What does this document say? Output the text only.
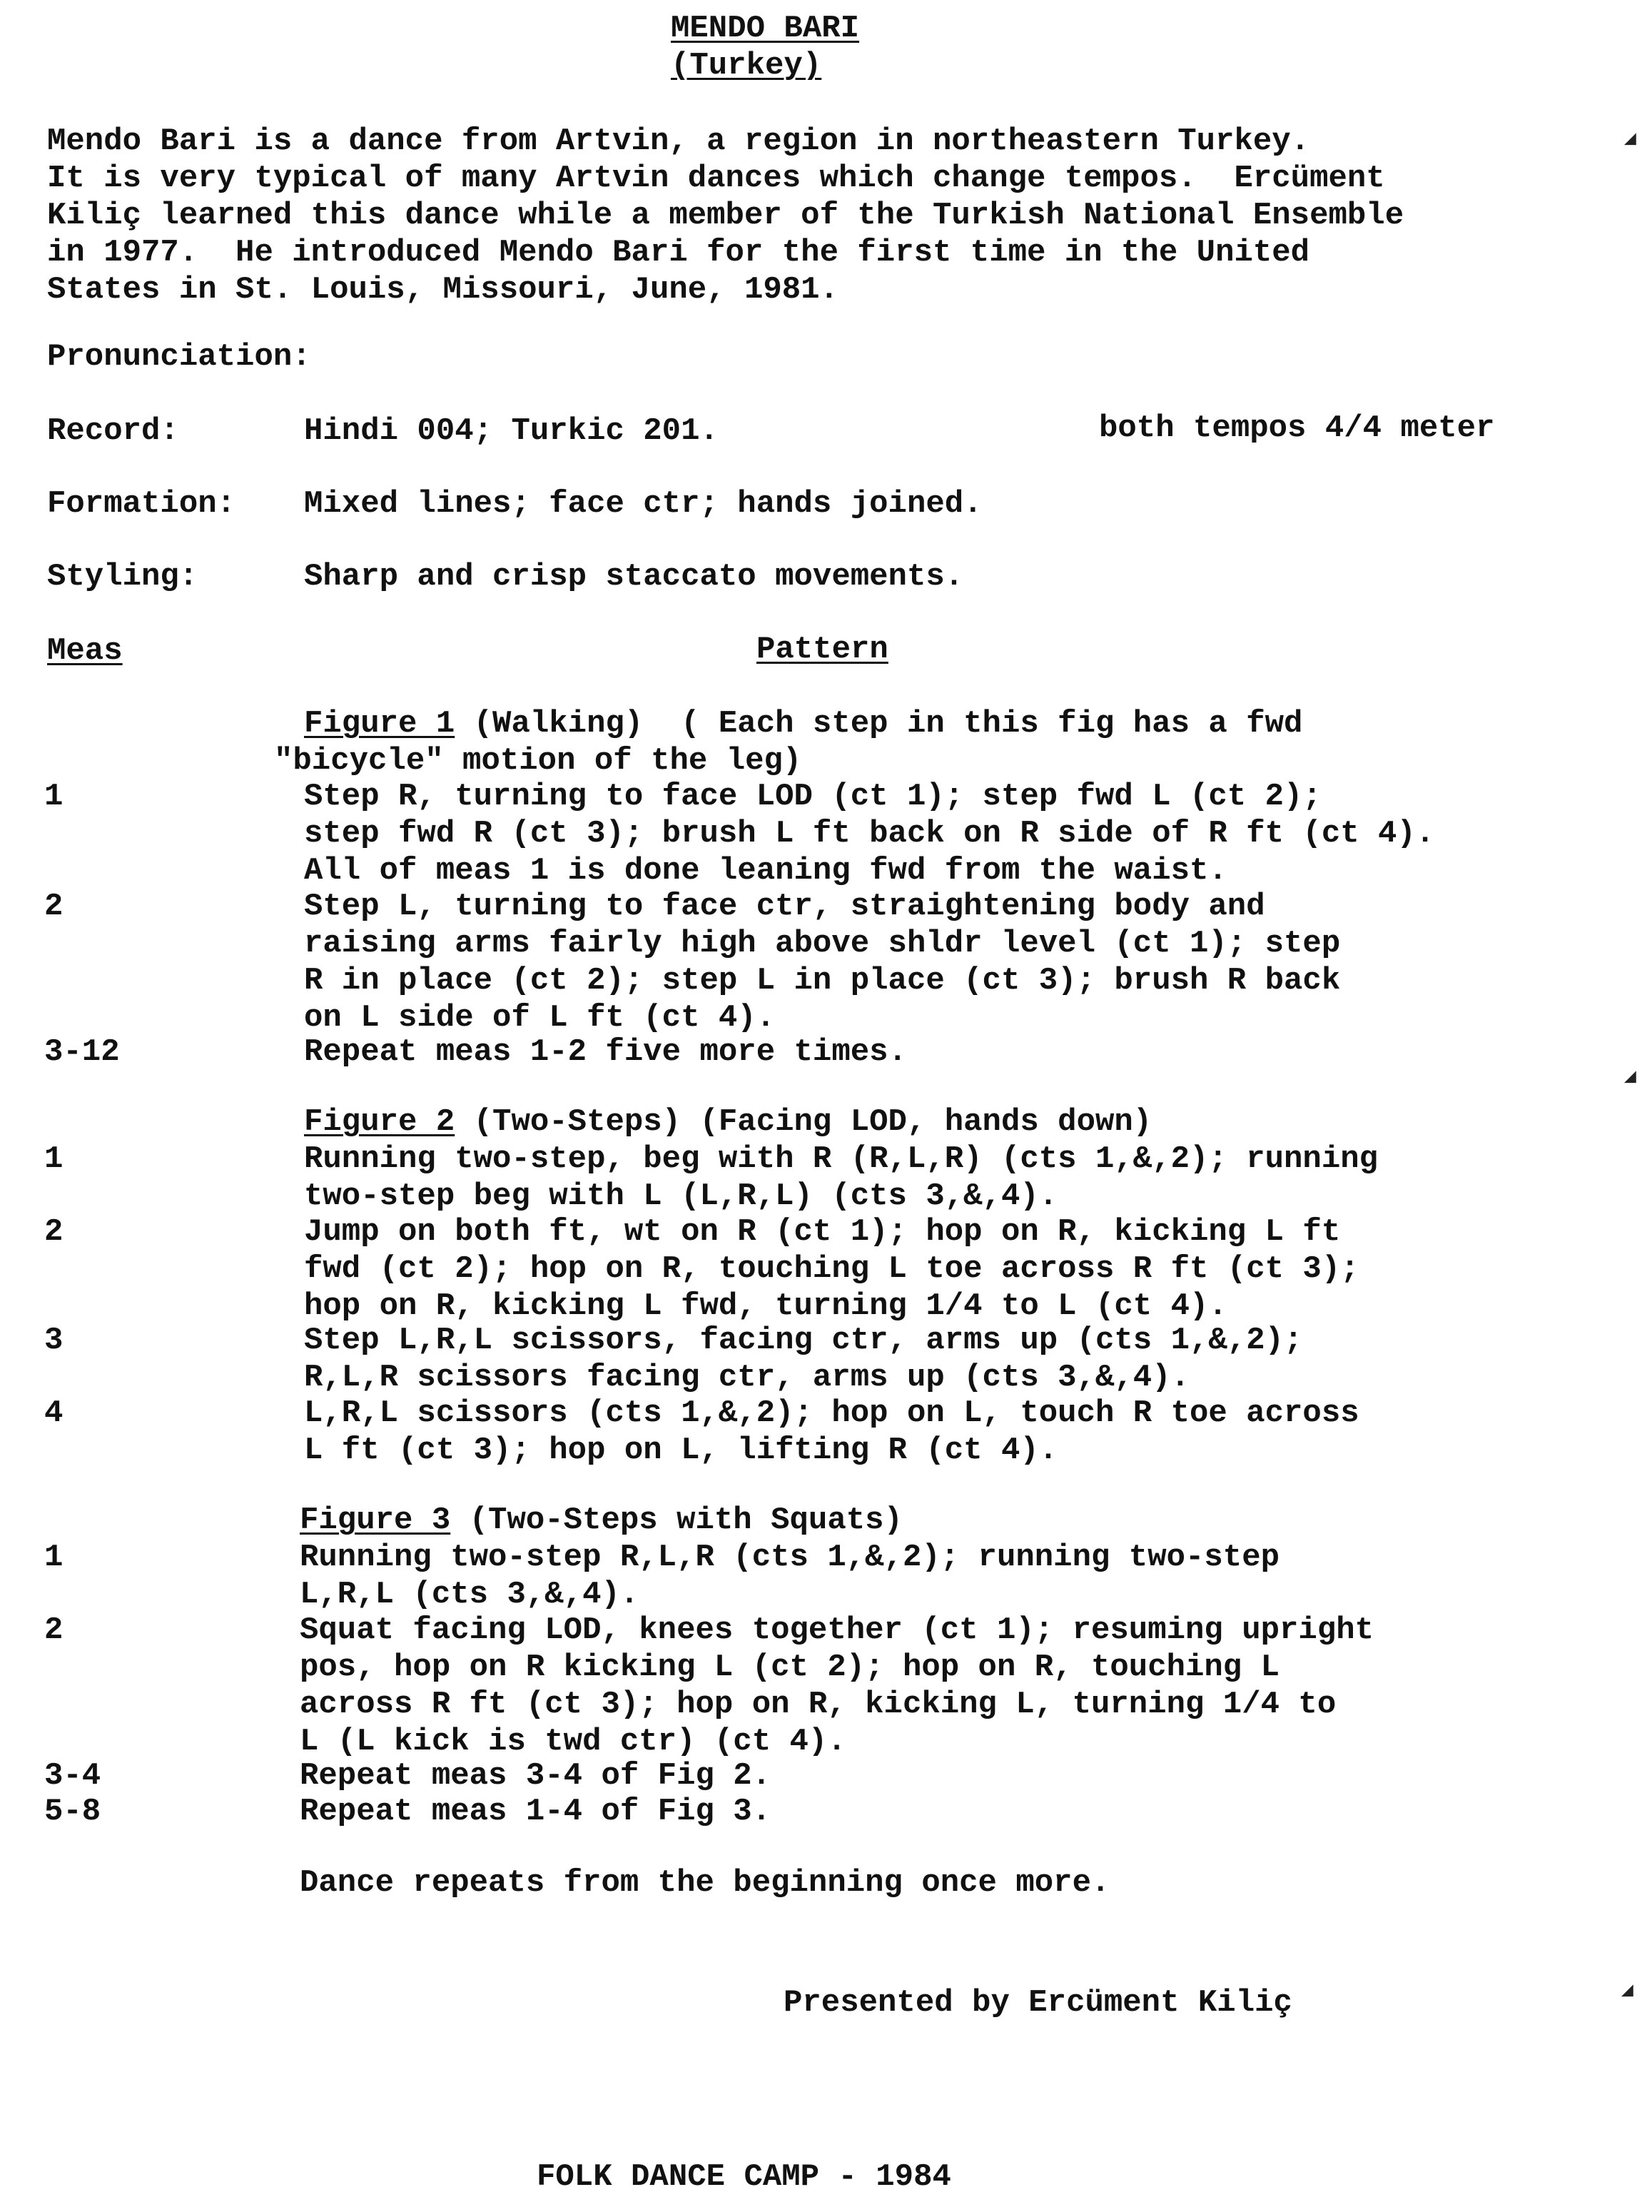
MENDO BARI
(Turkey)
Mendo Bari is a dance from Artvin, a region in northeastern Turkey.
It is very typical of many Artvin dances which change tempos.  Ercüment
Kiliç learned this dance while a member of the Turkish National Ensemble
in 1977.  He introduced Mendo Bari for the first time in the United
States in St. Louis, Missouri, June, 1981.
Pronunciation:
Record:	Hindi 004; Turkic 201.	both tempos 4/4 meter
Formation: Mixed lines; face ctr; hands joined.
Styling:	Sharp and crisp staccato movements.
Meas	Pattern
Figure 1 (Walking)  ( Each step in this fig has a fwd
"bicycle" motion of the leg)
1	Step R, turning to face LOD (ct 1); step fwd L (ct 2);
step fwd R (ct 3); brush L ft back on R side of R ft (ct 4).
All of meas 1 is done leaning fwd from the waist.
2	Step L, turning to face ctr, straightening body and
raising arms fairly high above shldr level (ct 1); step
R in place (ct 2); step L in place (ct 3); brush R back
on L side of L ft (ct 4).
3-12	Repeat meas 1-2 five more times.
Figure 2 (Two-Steps) (Facing LOD, hands down)
1	Running two-step, beg with R (R,L,R) (cts 1,&,2); running
two-step beg with L (L,R,L) (cts 3,&,4).
2	Jump on both ft, wt on R (ct 1); hop on R, kicking L ft
fwd (ct 2); hop on R, touching L toe across R ft (ct 3);
hop on R, kicking L fwd, turning 1/4 to L (ct 4).
3	Step L,R,L scissors, facing ctr, arms up (cts 1,&,2);
R,L,R scissors facing ctr, arms up (cts 3,&,4).
4	L,R,L scissors (cts 1,&,2); hop on L, touch R toe across
L ft (ct 3); hop on L, lifting R (ct 4).
Figure 3 (Two-Steps with Squats)
1	Running two-step R,L,R (cts 1,&,2); running two-step
L,R,L (cts 3,&,4).
2	Squat facing LOD, knees together (ct 1); resuming upright
pos, hop on R kicking L (ct 2); hop on R, touching L
across R ft (ct 3); hop on R, kicking L, turning 1/4 to
L (L kick is twd ctr) (ct 4).
3-4	Repeat meas 3-4 of Fig 2.
5-8	Repeat meas 1-4 of Fig 3.
Dance repeats from the beginning once more.
Presented by Ercüment Kiliç
FOLK DANCE CAMP - 1984
◢
◢
◢
